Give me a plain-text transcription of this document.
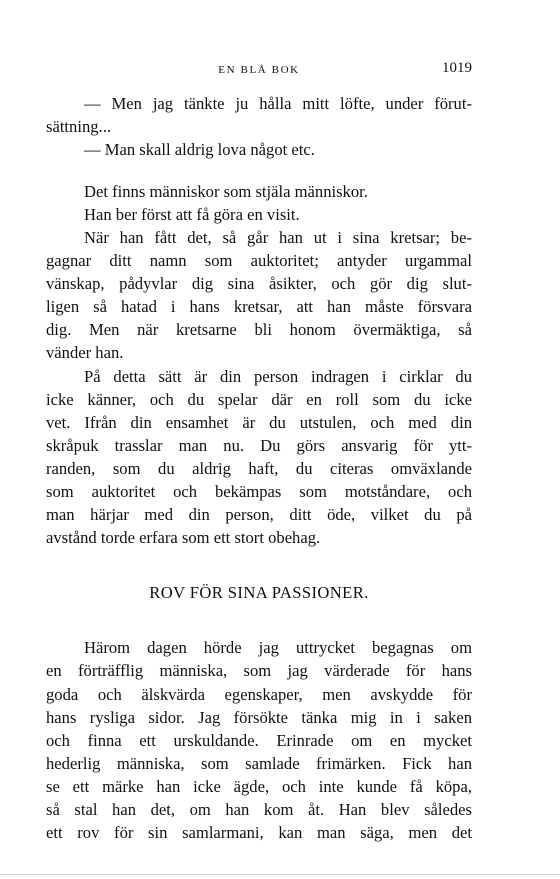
EN BLÅ BOK	1019

— Men jag tänkte ju hålla mitt löfte, under förut-

sättning...

— Man skall aldrig lova något etc.

Det finns människor som stjäla människor.

Han ber först att få göra en visit.

När han fått det, så går han ut i sina kretsar; be-

gagnar ditt namn som auktoritet; antyder urgammal

vänskap, pådyvlar dig sina åsikter, och gör dig slut-

ligen så hatad i hans kretsar, att han måste försvara

dig. Men när kretsarne bli honom övermäktiga, så

vänder han.

På detta sätt är din person indragen i cirklar du

icke känner, och du spelar där en roll som du icke

vet. Ifrån din ensamhet är du utstulen, och med din

skråpuk trasslar man nu. Du görs ansvarig för ytt-

randen, som du aldrig haft, du citeras omväxlande

som auktoritet och bekämpas som motståndare, och

man härjar med din person, ditt öde, vilket du på

avstånd torde erfara som ett stort obehag.

ROV FÖR SINA PASSIONER.

Härom dagen hörde jag uttrycket begagnas om

en förträfflig människa, som jag värderade för hans

goda och älskvärda egenskaper, men avskydde för

hans rysliga sidor. Jag försökte tänka mig in i saken

och finna ett urskuldande. Erinrade om en mycket

hederlig människa, som samlade frimärken. Fick han

se ett märke han icke ägde, och inte kunde få köpa,

så stal han det, om han kom åt. Han blev således

ett rov för sin samlarmani, kan man säga, men det
